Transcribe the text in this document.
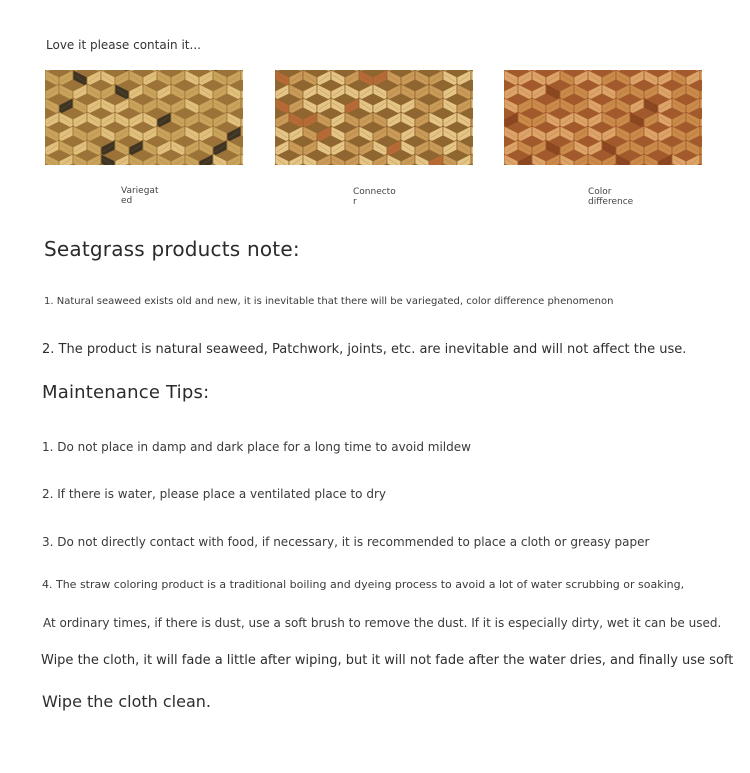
Love it please contain it...
Variegat
ed
Connecto
r
Color
difference
Seatgrass products note:
1. Natural seaweed exists old and new, it is inevitable that there will be variegated, color difference phenomenon
2. The product is natural seaweed, Patchwork, joints, etc. are inevitable and will not affect the use.
Maintenance Tips:
1. Do not place in damp and dark place for a long time to avoid mildew
2. If there is water, please place a ventilated place to dry
3. Do not directly contact with food, if necessary, it is recommended to place a cloth or greasy paper
4. The straw coloring product is a traditional boiling and dyeing process to avoid a lot of water scrubbing or soaking,
At ordinary times, if there is dust, use a soft brush to remove the dust. If it is especially dirty, wet it can be used.
Wipe the cloth, it will fade a little after wiping, but it will not fade after the water dries, and finally use soft
Wipe the cloth clean.
